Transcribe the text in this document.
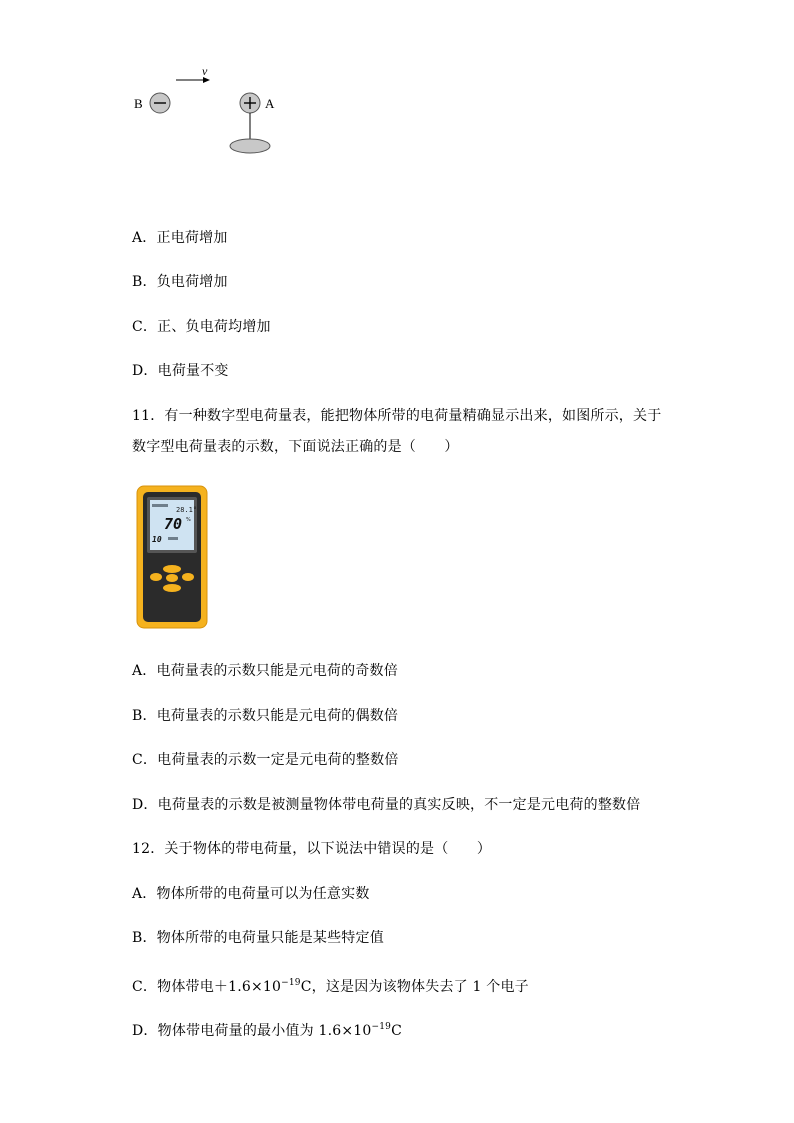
v
B	A
A．正电荷增加
B．负电荷增加
C．正、负电荷均增加
D．电荷量不变
11．有一种数字型电荷量表，能把物体所带的电荷量精确显示出来，如图所示，关于
数字型电荷量表的示数，下面说法正确的是（　　）
28.1°
70 %
10
A．电荷量表的示数只能是元电荷的奇数倍
B．电荷量表的示数只能是元电荷的偶数倍
C．电荷量表的示数一定是元电荷的整数倍
D．电荷量表的示数是被测量物体带电荷量的真实反映，不一定是元电荷的整数倍
12．关于物体的带电荷量，以下说法中错误的是（　　）
A．物体所带的电荷量可以为任意实数
B．物体所带的电荷量只能是某些特定值
C．物体带电$+1.6\times 10^{-19}C$，这是因为该物体失去了 1 个电子
D．物体带电荷量的最小值为 $1.6\times 10^{-19}C$
